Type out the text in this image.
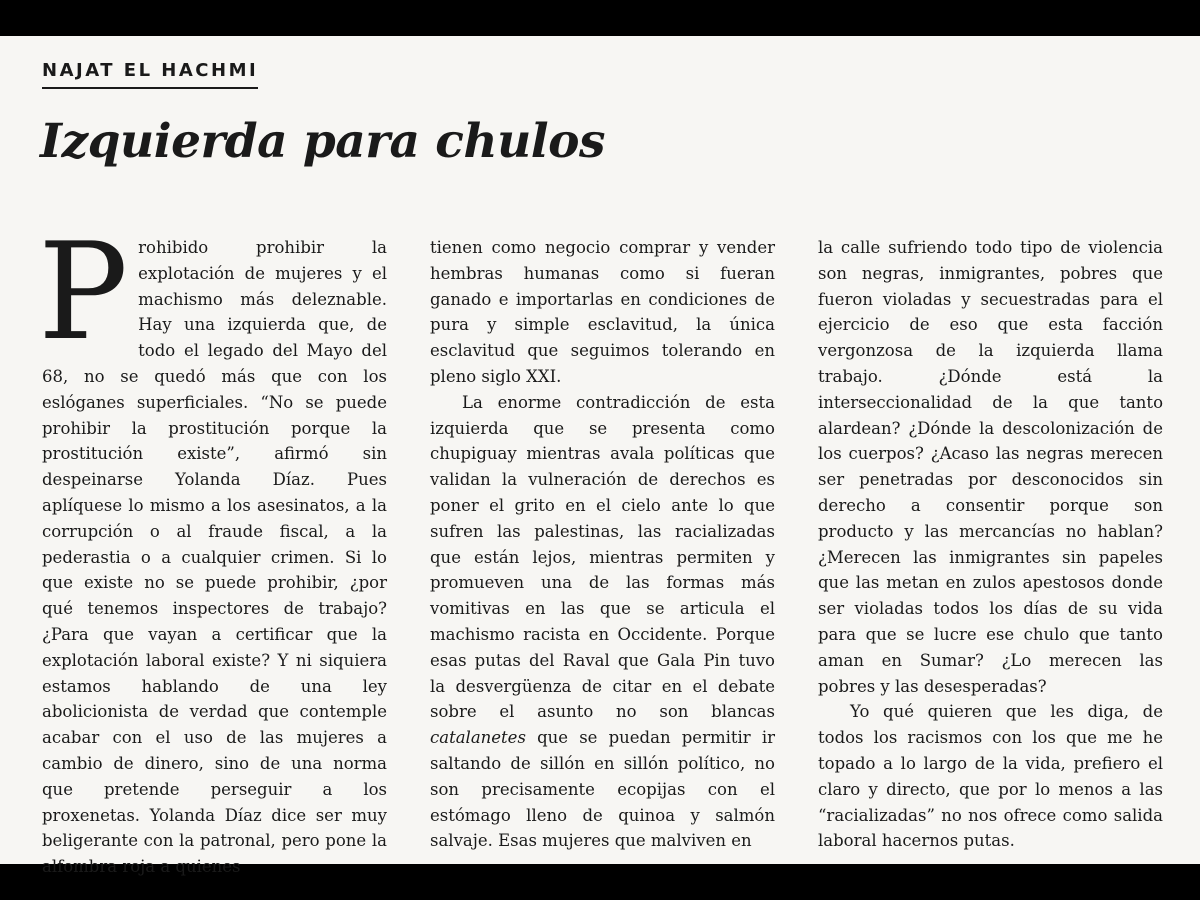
NAJAT EL HACHMI
Izquierda para chulos

Prohibido prohibir la explotación de mujeres y el machismo más deleznable. Hay una izquierda que, de todo el legado del Mayo del 68, no se quedó más que con los eslóganes superficiales. “No se puede prohibir la prostitución porque la prostitución existe”, afirmó sin despeinarse Yolanda Díaz. Pues aplíquese lo mismo a los asesinatos, a la corrupción o al fraude fiscal, a la pederastia o a cualquier crimen. Si lo que existe no se puede prohibir, ¿por qué tenemos inspectores de trabajo? ¿Para que vayan a certificar que la explotación laboral existe? Y ni siquiera estamos hablando de una ley abolicionista de verdad que contemple acabar con el uso de las mujeres a cambio de dinero, sino de una norma que pretende perseguir a los proxenetas. Yolanda Díaz dice ser muy beligerante con la patronal, pero pone la alfombra roja a quienes

tienen como negocio comprar y vender hembras humanas como si fueran ganado e importarlas en condiciones de pura y simple esclavitud, la única esclavitud que seguimos tolerando en pleno siglo XXI.

La enorme contradicción de esta izquierda que se presenta como chupiguay mientras avala políticas que validan la vulneración de derechos es poner el grito en el cielo ante lo que sufren las palestinas, las racializadas que están lejos, mientras permiten y promueven una de las formas más vomitivas en las que se articula el machismo racista en Occidente. Porque esas putas del Raval que Gala Pin tuvo la desvergüenza de citar en el debate sobre el asunto no son blancas catalanetes que se puedan permitir ir saltando de sillón en sillón político, no son precisamente ecopijas con el estómago lleno de quinoa y salmón salvaje. Esas mujeres que malviven en

la calle sufriendo todo tipo de violencia son negras, inmigrantes, pobres que fueron violadas y secuestradas para el ejercicio de eso que esta facción vergonzosa de la izquierda llama trabajo. ¿Dónde está la interseccionalidad de la que tanto alardean? ¿Dónde la descolonización de los cuerpos? ¿Acaso las negras merecen ser penetradas por desconocidos sin derecho a consentir porque son producto y las mercancías no hablan? ¿Merecen las inmigrantes sin papeles que las metan en zulos apestosos donde ser violadas todos los días de su vida para que se lucre ese chulo que tanto aman en Sumar? ¿Lo merecen las pobres y las desesperadas?

Yo qué quieren que les diga, de todos los racismos con los que me he topado a lo largo de la vida, prefiero el claro y directo, que por lo menos a las “racializadas” no nos ofrece como salida laboral hacernos putas.
